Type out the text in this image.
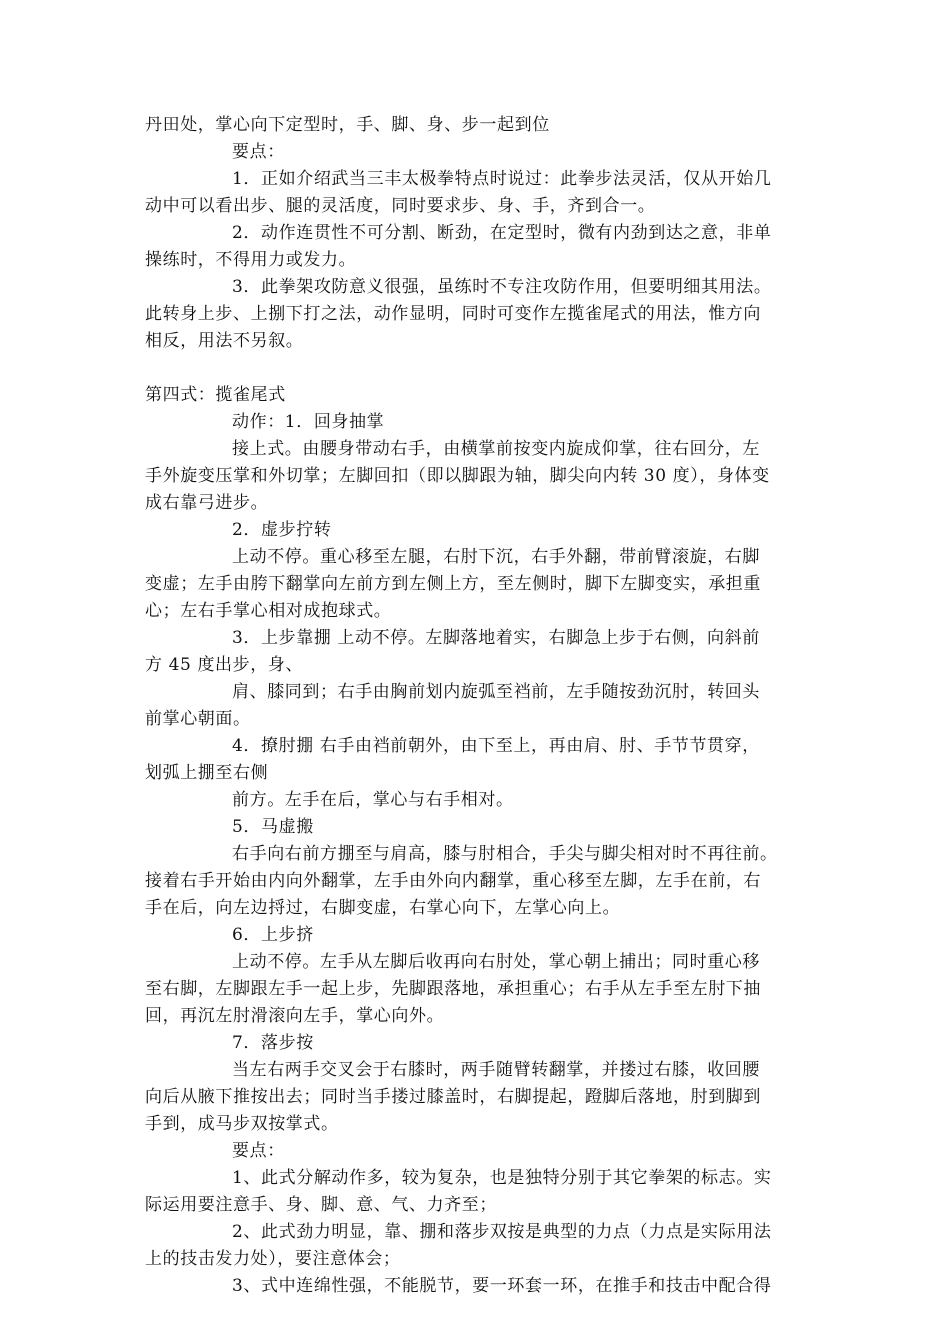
丹田处，掌心向下定型时，手、脚、身、步一起到位
要点：
1．正如介绍武当三丰太极拳特点时说过：此拳步法灵活，仅从开始几
动中可以看出步、腿的灵活度，同时要求步、身、手，齐到合一。
2．动作连贯性不可分割、断劲，在定型时，微有内劲到达之意，非单
操练时，不得用力或发力。
3．此拳架攻防意义很强，虽练时不专注攻防作用，但要明细其用法。
此转身上步、上捌下打之法，动作显明，同时可变作左揽雀尾式的用法，惟方向
相反，用法不另叙。
第四式：揽雀尾式
动作：1．回身抽掌
接上式。由腰身带动右手，由横掌前按变内旋成仰掌，往右回分，左
手外旋变压掌和外切掌；左脚回扣（即以脚跟为轴，脚尖向内转 30 度），身体变
成右靠弓进步。
2．虚步拧转
上动不停。重心移至左腿，右肘下沉，右手外翻，带前臂滚旋，右脚
变虚；左手由胯下翻掌向左前方到左侧上方，至左侧时，脚下左脚变实，承担重
心；左右手掌心相对成抱球式。
3．上步靠掤 上动不停。左脚落地着实，右脚急上步于右侧，向斜前
方 45 度出步，身、
肩、膝同到；右手由胸前划内旋弧至裆前，左手随按劲沉肘，转回头
前掌心朝面。
4．撩肘掤 右手由裆前朝外，由下至上，再由肩、肘、手节节贯穿，
划弧上掤至右侧
前方。左手在后，掌心与右手相对。
5．马虚搬
右手向右前方掤至与肩高，膝与肘相合，手尖与脚尖相对时不再往前。
接着右手开始由内向外翻掌，左手由外向内翻掌，重心移至左脚，左手在前，右
手在后，向左边捋过，右脚变虚，右掌心向下，左掌心向上。
6．上步挤
上动不停。左手从左脚后收再向右肘处，掌心朝上捕出；同时重心移
至右脚，左脚跟左手一起上步，先脚跟落地，承担重心；右手从左手至左肘下抽
回，再沉左肘滑滚向左手，掌心向外。
7．落步按
当左右两手交叉会于右膝时，两手随臂转翻掌，并搂过右膝，收回腰
向后从腋下推按出去；同时当手搂过膝盖时，右脚提起，蹬脚后落地，肘到脚到
手到，成马步双按掌式。
要点：
1、此式分解动作多，较为复杂，也是独特分别于其它拳架的标志。实
际运用要注意手、身、脚、意、气、力齐至；
2、此式劲力明显，靠、掤和落步双按是典型的力点（力点是实际用法
上的技击发力处），要注意体会；
3、式中连绵性强，不能脱节，要一环套一环，在推手和技击中配合得
